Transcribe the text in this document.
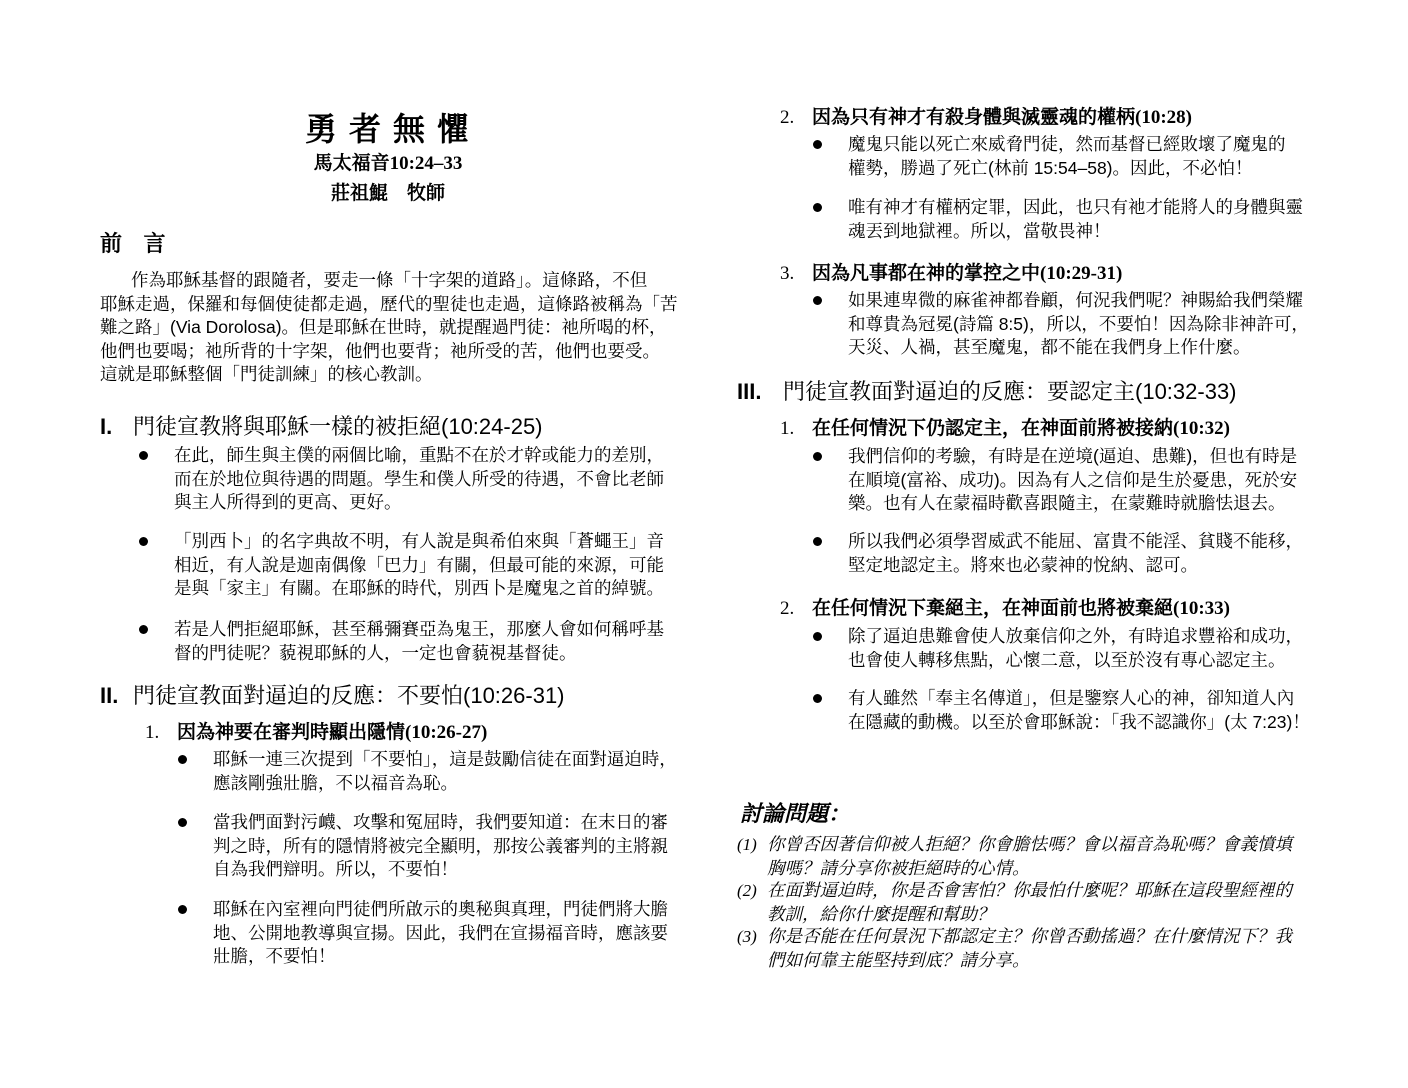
勇 者 無 懼
馬太福音10:24–33
莊祖鯤　牧師
前 言
作為耶穌基督的跟隨者，要走一條「十字架的道路」。這條路，不但
耶穌走過，保羅和每個使徒都走過，歷代的聖徒也走過，這條路被稱為「苦
難之路」(Via Dorolosa)。但是耶穌在世時，就提醒過門徒：祂所喝的杯，
他們也要喝；祂所背的十字架，他們也要背；祂所受的苦，他們也要受。
這就是耶穌整個「門徒訓練」的核心教訓。
I. 門徒宣教將與耶穌一樣的被拒絕(10:24-25)
在此，師生與主僕的兩個比喻，重點不在於才幹或能力的差別，
而在於地位與待遇的問題。學生和僕人所受的待遇，不會比老師
與主人所得到的更高、更好。
「別西卜」的名字典故不明，有人說是與希伯來與「蒼蠅王」音
相近，有人說是迦南偶像「巴力」有關，但最可能的來源，可能
是與「家主」有關。在耶穌的時代，別西卜是魔鬼之首的綽號。
若是人們拒絕耶穌，甚至稱彌賽亞為鬼王，那麼人會如何稱呼基
督的門徒呢？藐視耶穌的人，一定也會藐視基督徒。
II. 門徒宣教面對逼迫的反應：不要怕(10:26-31)
1. 因為神要在審判時顯出隱情(10:26-27)
耶穌一連三次提到「不要怕」，這是鼓勵信徒在面對逼迫時，
應該剛強壯膽，不以福音為恥。
當我們面對污衊、攻擊和冤屈時，我們要知道：在末日的審
判之時，所有的隱情將被完全顯明，那按公義審判的主將親
自為我們辯明。所以，不要怕！
耶穌在內室裡向門徒們所啟示的奧秘與真理，門徒們將大膽
地、公開地教導與宣揚。因此，我們在宣揚福音時，應該要
壯膽，不要怕！
2. 因為只有神才有殺身體與滅靈魂的權柄(10:28)
魔鬼只能以死亡來威脅門徒，然而基督已經敗壞了魔鬼的
權勢，勝過了死亡(林前 15:54–58)。因此，不必怕！
唯有神才有權柄定罪，因此，也只有祂才能將人的身體與靈
魂丟到地獄裡。所以，當敬畏神！
3. 因為凡事都在神的掌控之中(10:29-31)
如果連卑微的麻雀神都眷顧，何況我們呢？神賜給我們榮耀
和尊貴為冠冕(詩篇 8:5)，所以，不要怕！因為除非神許可，
天災、人禍，甚至魔鬼，都不能在我們身上作什麼。
III. 門徒宣教面對逼迫的反應：要認定主(10:32-33)
1. 在任何情況下仍認定主，在神面前將被接納(10:32)
我們信仰的考驗，有時是在逆境(逼迫、患難)，但也有時是
在順境(富裕、成功)。因為有人之信仰是生於憂患，死於安
樂。也有人在蒙福時歡喜跟隨主，在蒙難時就膽怯退去。
所以我們必須學習威武不能屈、富貴不能淫、貧賤不能移，
堅定地認定主。將來也必蒙神的悅納、認可。
2. 在任何情況下棄絕主，在神面前也將被棄絕(10:33)
除了逼迫患難會使人放棄信仰之外，有時追求豐裕和成功，
也會使人轉移焦點，心懷二意，以至於沒有專心認定主。
有人雖然「奉主名傳道」，但是鑒察人心的神，卻知道人內
在隱藏的動機。以至於會耶穌說：「我不認識你」(太 7:23)！
討論問題：
(1) 你曾否因著信仰被人拒絕？你會膽怯嗎？會以福音為恥嗎？會義憤填
胸嗎？請分享你被拒絕時的心情。
(2) 在面對逼迫時，你是否會害怕？你最怕什麼呢？耶穌在這段聖經裡的
教訓，給你什麼提醒和幫助？
(3) 你是否能在任何景況下都認定主？你曾否動搖過？在什麼情況下？我
們如何靠主能堅持到底？請分享。
